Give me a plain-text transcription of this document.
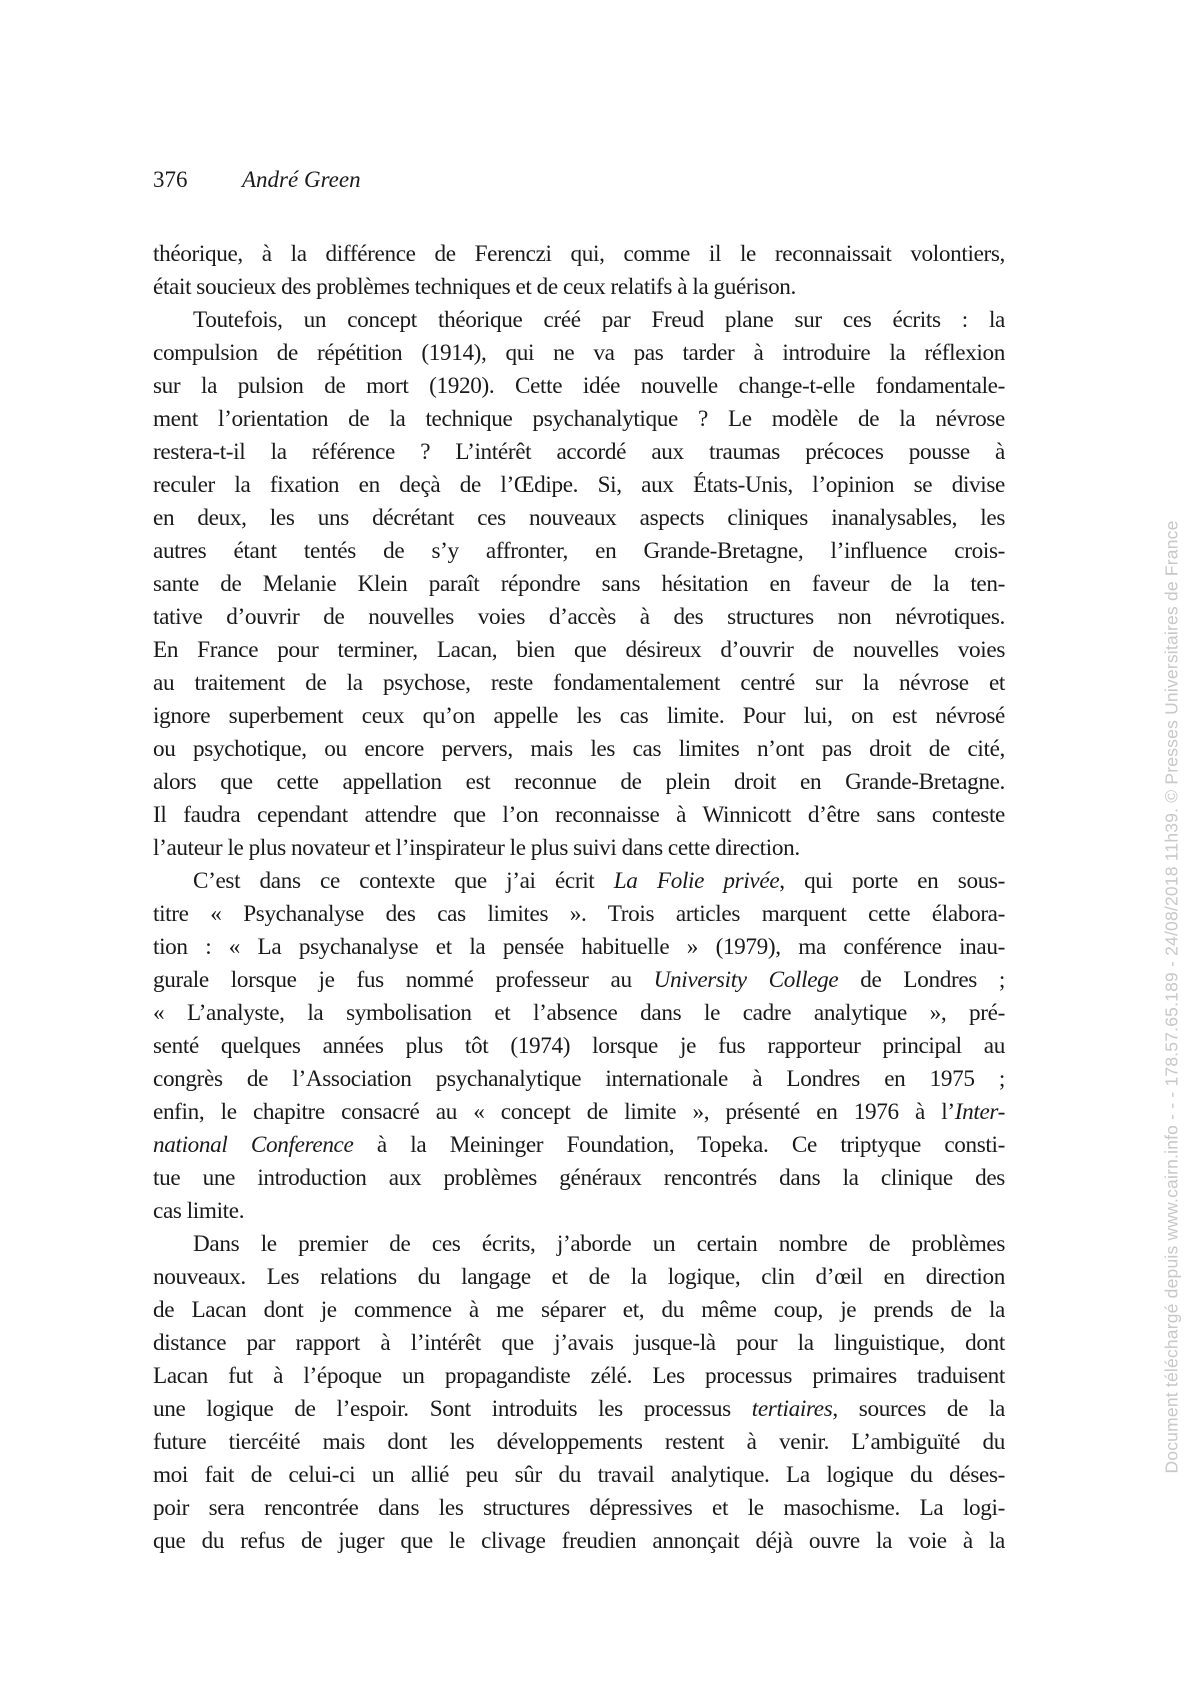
376 André Green
théorique, à la différence de Ferenczi qui, comme il le reconnaissait volontiers,
était soucieux des problèmes techniques et de ceux relatifs à la guérison.
Toutefois, un concept théorique créé par Freud plane sur ces écrits : la
compulsion de répétition (1914), qui ne va pas tarder à introduire la réflexion
sur la pulsion de mort (1920). Cette idée nouvelle change-t-elle fondamentale-
ment l’orientation de la technique psychanalytique ? Le modèle de la névrose
restera-t-il la référence ? L’intérêt accordé aux traumas précoces pousse à
reculer la fixation en deçà de l’Œdipe. Si, aux États-Unis, l’opinion se divise
en deux, les uns décrétant ces nouveaux aspects cliniques inanalysables, les
autres étant tentés de s’y affronter, en Grande-Bretagne, l’influence crois-
sante de Melanie Klein paraît répondre sans hésitation en faveur de la ten-
tative d’ouvrir de nouvelles voies d’accès à des structures non névrotiques.
En France pour terminer, Lacan, bien que désireux d’ouvrir de nouvelles voies
au traitement de la psychose, reste fondamentalement centré sur la névrose et
ignore superbement ceux qu’on appelle les cas limite. Pour lui, on est névrosé
ou psychotique, ou encore pervers, mais les cas limites n’ont pas droit de cité,
alors que cette appellation est reconnue de plein droit en Grande-Bretagne.
Il faudra cependant attendre que l’on reconnaisse à Winnicott d’être sans conteste
l’auteur le plus novateur et l’inspirateur le plus suivi dans cette direction.
C’est dans ce contexte que j’ai écrit La Folie privée, qui porte en sous-
titre « Psychanalyse des cas limites ». Trois articles marquent cette élabora-
tion : « La psychanalyse et la pensée habituelle » (1979), ma conférence inau-
gurale lorsque je fus nommé professeur au University College de Londres ;
« L’analyste, la symbolisation et l’absence dans le cadre analytique », pré-
senté quelques années plus tôt (1974) lorsque je fus rapporteur principal au
congrès de l’Association psychanalytique internationale à Londres en 1975 ;
enfin, le chapitre consacré au « concept de limite », présenté en 1976 à l’Inter-
national Conference à la Meininger Foundation, Topeka. Ce triptyque consti-
tue une introduction aux problèmes généraux rencontrés dans la clinique des
cas limite.
Dans le premier de ces écrits, j’aborde un certain nombre de problèmes
nouveaux. Les relations du langage et de la logique, clin d’œil en direction
de Lacan dont je commence à me séparer et, du même coup, je prends de la
distance par rapport à l’intérêt que j’avais jusque-là pour la linguistique, dont
Lacan fut à l’époque un propagandiste zélé. Les processus primaires traduisent
une logique de l’espoir. Sont introduits les processus tertiaires, sources de la
future tiercéité mais dont les développements restent à venir. L’ambiguïté du
moi fait de celui-ci un allié peu sûr du travail analytique. La logique du déses-
poir sera rencontrée dans les structures dépressives et le masochisme. La logi-
que du refus de juger que le clivage freudien annonçait déjà ouvre la voie à la
Document téléchargé depuis www.cairn.info - - - 178.57.65.189 - 24/08/2018 11h39. © Presses Universitaires de France
